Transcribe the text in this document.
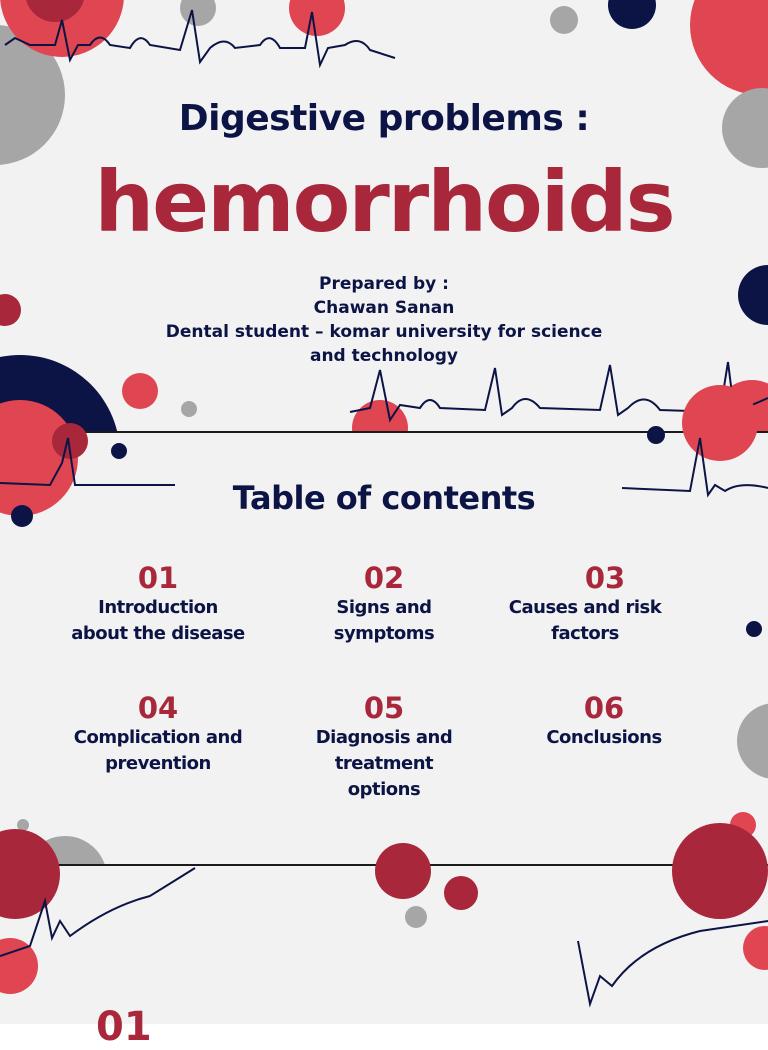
Digestive problems :
hemorrhoids
Prepared by :
Chawan Sanan
Dental student – komar university for science
and technology
Table of contents
01
Introduction
about the disease
02
Signs and
symptoms
03
Causes and risk
factors
04
Complication and
prevention
05
Diagnosis and
treatment
options
06
Conclusions
01
